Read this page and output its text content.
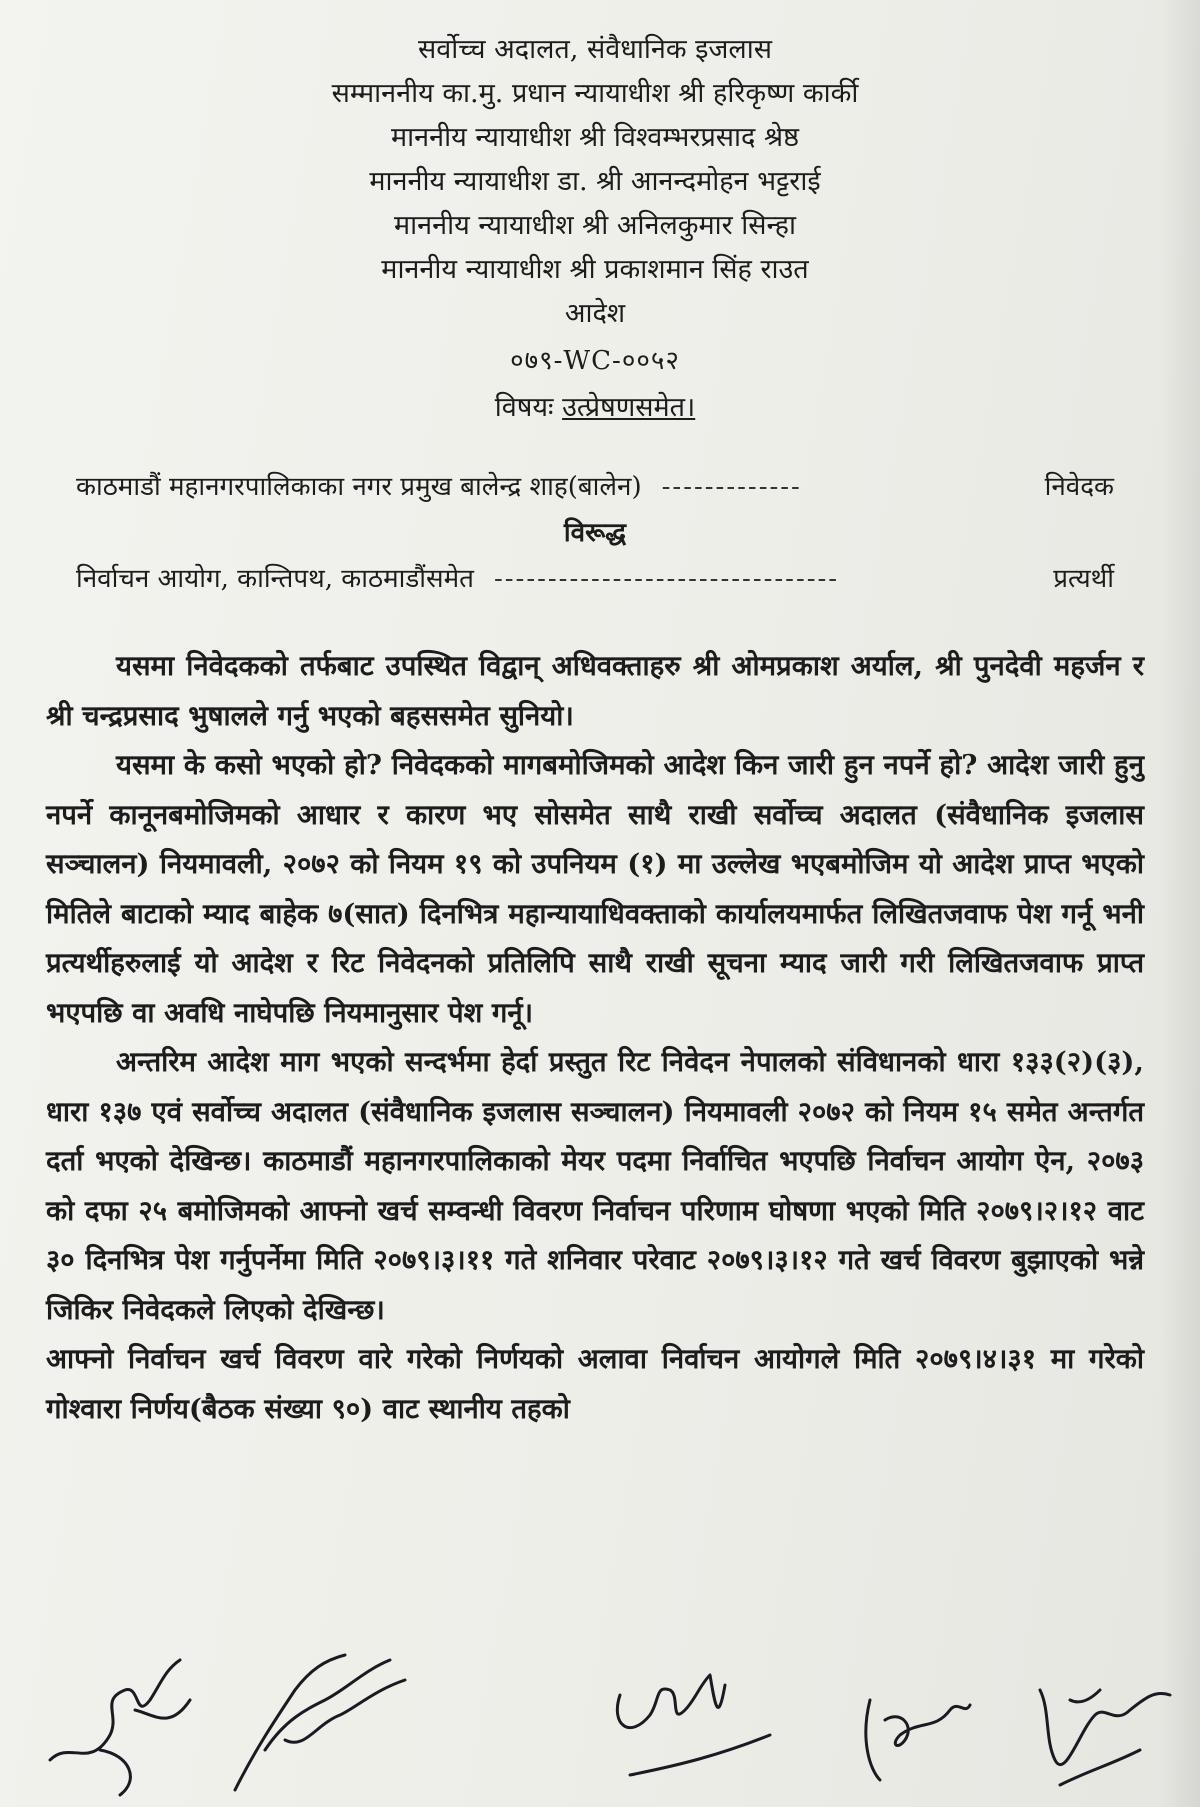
सर्वोच्च अदालत, संवैधानिक इजलास

सम्माननीय का.मु. प्रधान न्यायाधीश श्री हरिकृष्ण कार्की

माननीय न्यायाधीश श्री विश्वम्भरप्रसाद श्रेष्ठ

माननीय न्यायाधीश डा. श्री आनन्दमोहन भट्टराई

माननीय न्यायाधीश श्री अनिलकुमार सिन्हा

माननीय न्यायाधीश श्री प्रकाशमान सिंह राउत

आदेश

०७९-WC-००५२

विषयः उत्प्रेषणसमेत।

काठमाडौं महानगरपालिकाका नगर प्रमुख बालेन्द्र शाह(बालेन) -------------	निवेदक

विरूद्ध

निर्वाचन आयोग, कान्तिपथ, काठमाडौंसमेत --------------------------------	प्रत्यर्थी

यसमा निवेदकको तर्फबाट उपस्थित विद्वान् अधिवक्ताहरु श्री ओमप्रकाश अर्याल, श्री पुनदेवी महर्जन र श्री चन्द्रप्रसाद भुषालले गर्नु भएको बहससमेत सुनियो।

यसमा के कसो भएको हो? निवेदकको मागबमोजिमको आदेश किन जारी हुन नपर्ने हो? आदेश जारी हुनु नपर्ने कानूनबमोजिमको आधार र कारण भए सोसमेत साथै राखी सर्वोच्च अदालत (संवैधानिक इजलास सञ्चालन) नियमावली, २०७२ को नियम १९ को उपनियम (१) मा उल्लेख भएबमोजिम यो आदेश प्राप्त भएको मितिले बाटाको म्याद बाहेक ७(सात) दिनभित्र महान्यायाधिवक्ताको कार्यालयमार्फत लिखितजवाफ पेश गर्नू भनी प्रत्यर्थीहरुलाई यो आदेश र रिट निवेदनको प्रतिलिपि साथै राखी सूचना म्याद जारी गरी लिखितजवाफ प्राप्त भएपछि वा अवधि नाघेपछि नियमानुसार पेश गर्नू।

अन्तरिम आदेश माग भएको सन्दर्भमा हेर्दा प्रस्तुत रिट निवेदन नेपालको संविधानको धारा १३३(२)(३), धारा १३७ एवं सर्वोच्च अदालत (संवैधानिक इजलास सञ्चालन) नियमावली २०७२ को नियम १५ समेत अन्तर्गत दर्ता भएको देखिन्छ। काठमाडौं महानगरपालिकाको मेयर पदमा निर्वाचित भएपछि निर्वाचन आयोग ऐन, २०७३ को दफा २५ बमोजिमको आफ्नो खर्च सम्वन्धी विवरण निर्वाचन परिणाम घोषणा भएको मिति २०७९।२।१२ वाट ३० दिनभित्र पेश गर्नुपर्नेमा मिति २०७९।३।११ गते शनिवार परेवाट २०७९।३।१२ गते खर्च विवरण बुझाएको भन्ने जिकिर निवेदकले लिएको देखिन्छ।

आफ्नो निर्वाचन खर्च विवरण वारे गरेको निर्णयको अलावा निर्वाचन आयोगले मिति २०७९।४।३१ मा गरेको गोश्वारा निर्णय(बैठक संख्या ९०) वाट स्थानीय तहको
